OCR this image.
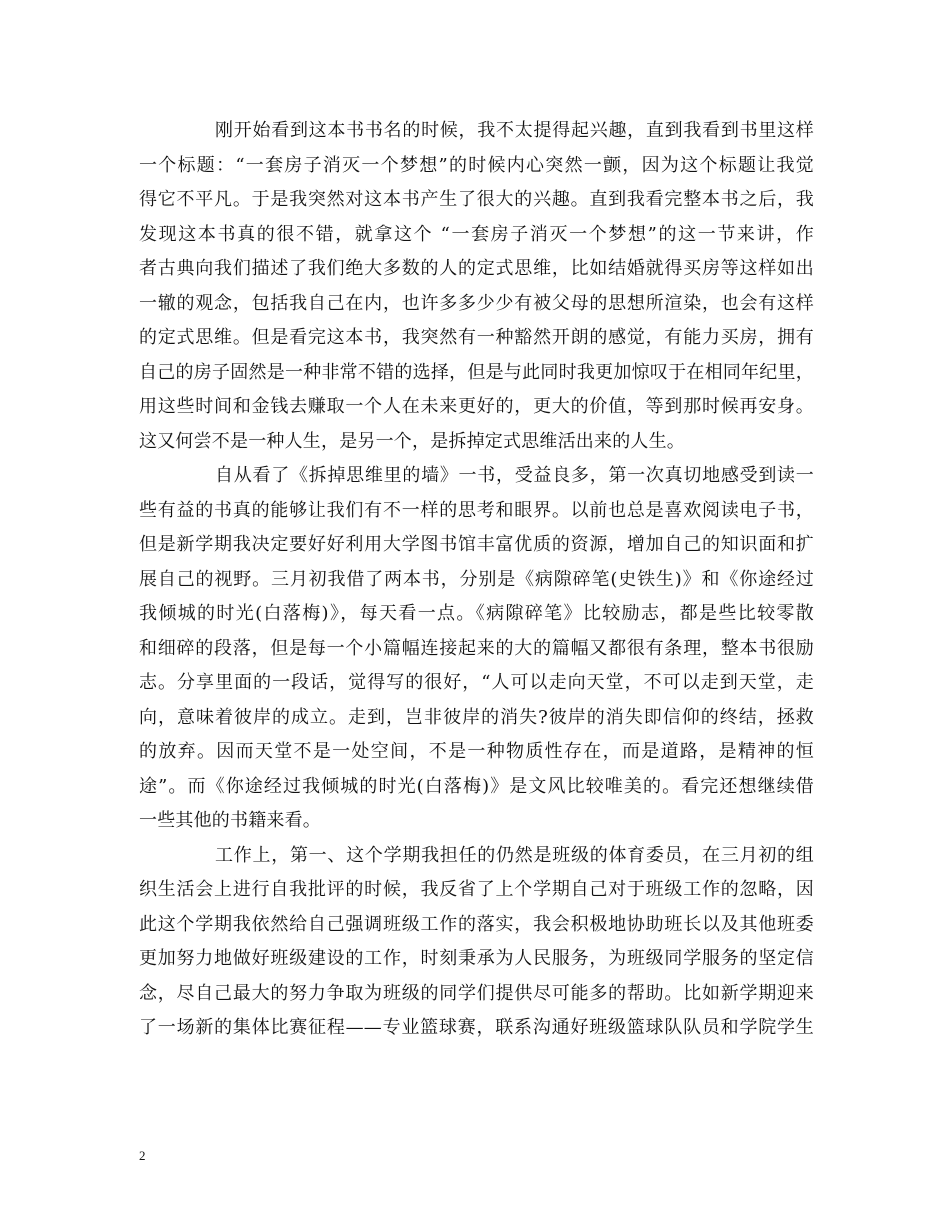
刚开始看到这本书书名的时候，我不太提得起兴趣，直到我看到书里这样
一个标题：“一套房子消灭一个梦想”的时候内心突然一颤，因为这个标题让我觉
得它不平凡。于是我突然对这本书产生了很大的兴趣。直到我看完整本书之后，我
发现这本书真的很不错，就拿这个 “一套房子消灭一个梦想”的这一节来讲，作
者古典向我们描述了我们绝大多数的人的定式思维，比如结婚就得买房等这样如出
一辙的观念，包括我自己在内，也许多多少少有被父母的思想所渲染，也会有这样
的定式思维。但是看完这本书，我突然有一种豁然开朗的感觉，有能力买房，拥有
自己的房子固然是一种非常不错的选择，但是与此同时我更加惊叹于在相同年纪里，
用这些时间和金钱去赚取一个人在未来更好的，更大的价值，等到那时候再安身。
这又何尝不是一种人生，是另一个，是拆掉定式思维活出来的人生。
自从看了《拆掉思维里的墙》一书，受益良多，第一次真切地感受到读一
些有益的书真的能够让我们有不一样的思考和眼界。以前也总是喜欢阅读电子书，
但是新学期我决定要好好利用大学图书馆丰富优质的资源，增加自己的知识面和扩
展自己的视野。三月初我借了两本书，分别是《病隙碎笔(史铁生)》和《你途经过
我倾城的时光(白落梅)》，每天看一点。《病隙碎笔》比较励志，都是些比较零散
和细碎的段落，但是每一个小篇幅连接起来的大的篇幅又都很有条理，整本书很励
志。分享里面的一段话，觉得写的很好，“人可以走向天堂，不可以走到天堂，走
向，意味着彼岸的成立。走到，岂非彼岸的消失?彼岸的消失即信仰的终结，拯救
的放弃。因而天堂不是一处空间，不是一种物质性存在，而是道路，是精神的恒
途”。而《你途经过我倾城的时光(白落梅)》是文风比较唯美的。看完还想继续借
一些其他的书籍来看。
工作上，第一、这个学期我担任的仍然是班级的体育委员，在三月初的组
织生活会上进行自我批评的时候，我反省了上个学期自己对于班级工作的忽略，因
此这个学期我依然给自己强调班级工作的落实，我会积极地协助班长以及其他班委
更加努力地做好班级建设的工作，时刻秉承为人民服务，为班级同学服务的坚定信
念，尽自己最大的努力争取为班级的同学们提供尽可能多的帮助。比如新学期迎来
了一场新的集体比赛征程——专业篮球赛，联系沟通好班级篮球队队员和学院学生
2
